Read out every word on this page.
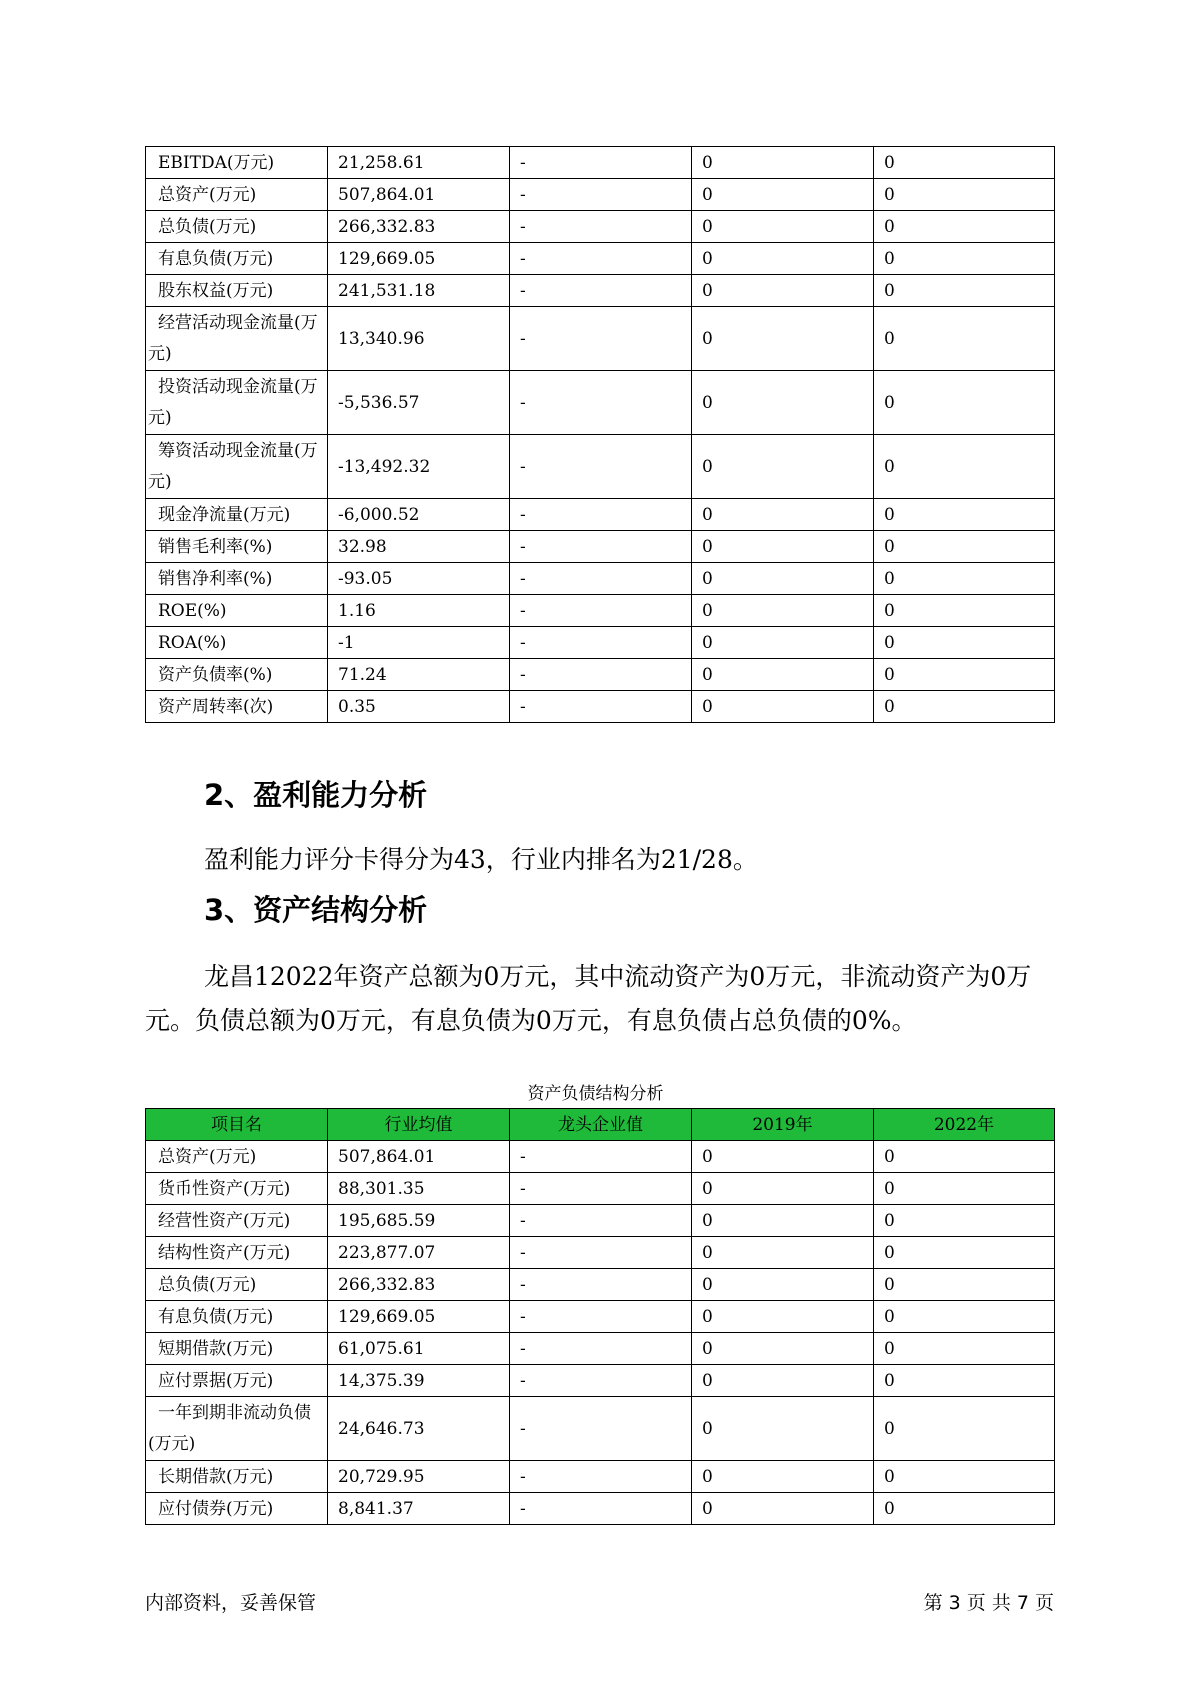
EBITDA(万元)	21,258.61	-	0	0
总资产(万元)	507,864.01	-	0	0
总负债(万元)	266,332.83	-	0	0
有息负债(万元)	129,669.05	-	0	0
股东权益(万元)	241,531.18	-	0	0
经营活动现金流量(万元)	13,340.96	-	0	0
投资活动现金流量(万元)	-5,536.57	-	0	0
筹资活动现金流量(万元)	-13,492.32	-	0	0
现金净流量(万元)	-6,000.52	-	0	0
销售毛利率(%)	32.98	-	0	0
销售净利率(%)	-93.05	-	0	0
ROE(%)	1.16	-	0	0
ROA(%)	-1	-	0	0
资产负债率(%)	71.24	-	0	0
资产周转率(次)	0.35	-	0	0
2、盈利能力分析

盈利能力评分卡得分为43，行业内排名为21/28。

3、资产结构分析

龙昌12022年资产总额为0万元，其中流动资产为0万元，非流动资产为0万元。负债总额为0万元，有息负债为0万元，有息负债占总负债的0%。

资产负债结构分析
项目名	行业均值	龙头企业值	2019年	2022年
总资产(万元)	507,864.01	-	0	0
货币性资产(万元)	88,301.35	-	0	0
经营性资产(万元)	195,685.59	-	0	0
结构性资产(万元)	223,877.07	-	0	0
总负债(万元)	266,332.83	-	0	0
有息负债(万元)	129,669.05	-	0	0
短期借款(万元)	61,075.61	-	0	0
应付票据(万元)	14,375.39	-	0	0
一年到期非流动负债(万元)	24,646.73	-	0	0
长期借款(万元)	20,729.95	-	0	0
应付债券(万元)	8,841.37	-	0	0
内部资料，妥善保管	第 3 页 共 7 页
